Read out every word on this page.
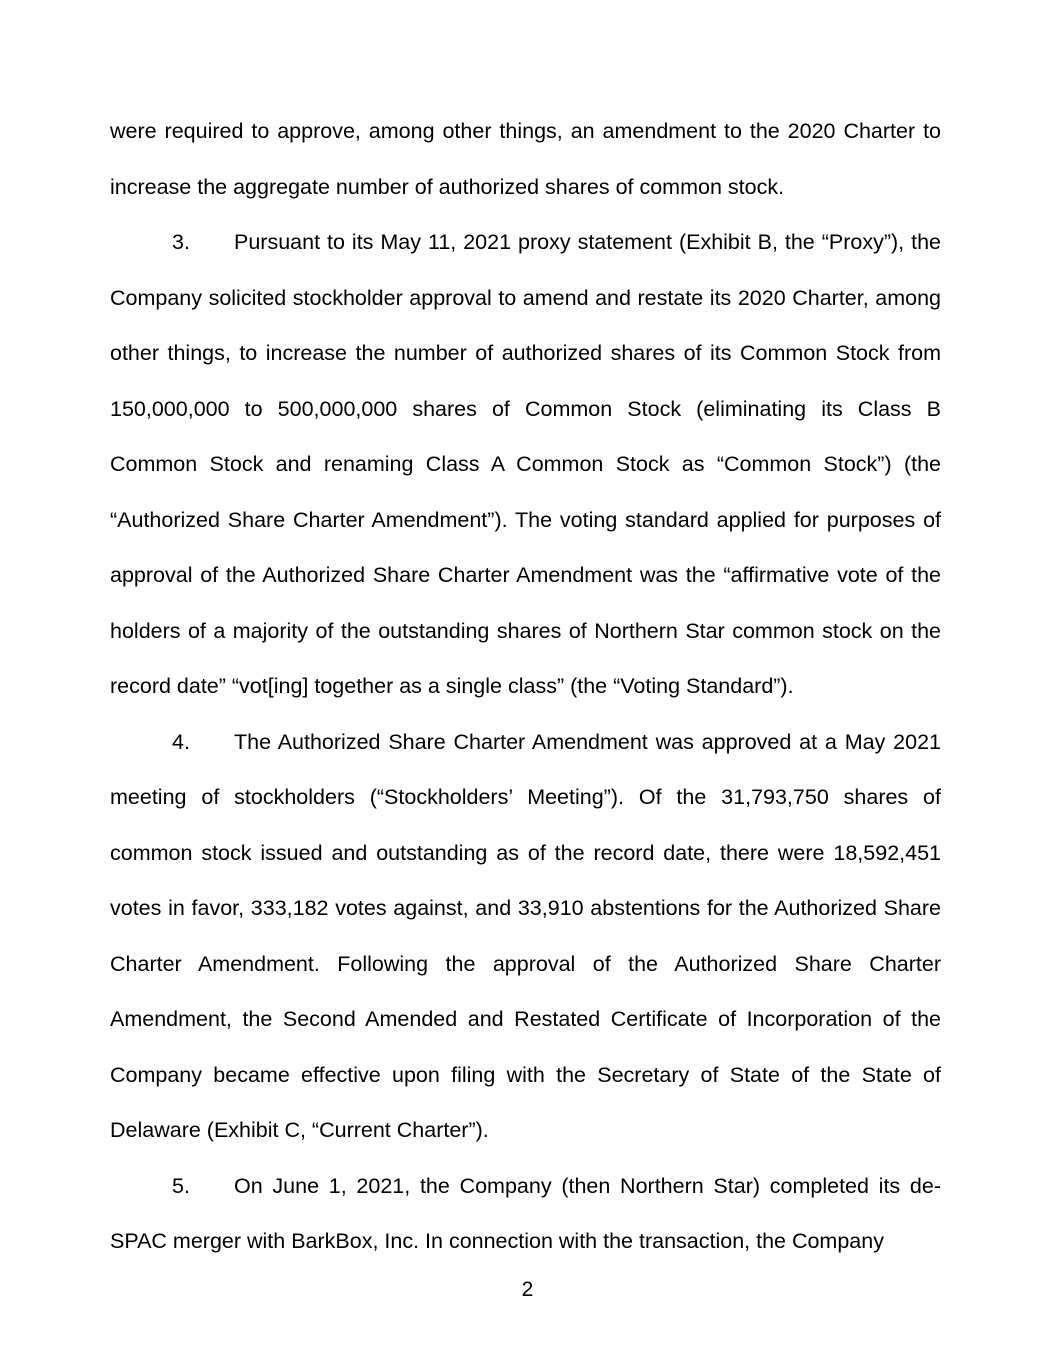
were required to approve, among other things, an amendment to the 2020 Charter to increase the aggregate number of authorized shares of common stock.

3. Pursuant to its May 11, 2021 proxy statement (Exhibit B, the “Proxy”), the Company solicited stockholder approval to amend and restate its 2020 Charter, among other things, to increase the number of authorized shares of its Common Stock from 150,000,000 to 500,000,000 shares of Common Stock (eliminating its Class B Common Stock and renaming Class A Common Stock as “Common Stock”) (the “Authorized Share Charter Amendment”). The voting standard applied for purposes of approval of the Authorized Share Charter Amendment was the “affirmative vote of the holders of a majority of the outstanding shares of Northern Star common stock on the record date” “vot[ing] together as a single class” (the “Voting Standard”).

4. The Authorized Share Charter Amendment was approved at a May 2021 meeting of stockholders (“Stockholders’ Meeting”). Of the 31,793,750 shares of common stock issued and outstanding as of the record date, there were 18,592,451 votes in favor, 333,182 votes against, and 33,910 abstentions for the Authorized Share Charter Amendment. Following the approval of the Authorized Share Charter Amendment, the Second Amended and Restated Certificate of Incorporation of the Company became effective upon filing with the Secretary of State of the State of Delaware (Exhibit C, “Current Charter”).

5. On June 1, 2021, the Company (then Northern Star) completed its de-SPAC merger with BarkBox, Inc. In connection with the transaction, the Company

2
